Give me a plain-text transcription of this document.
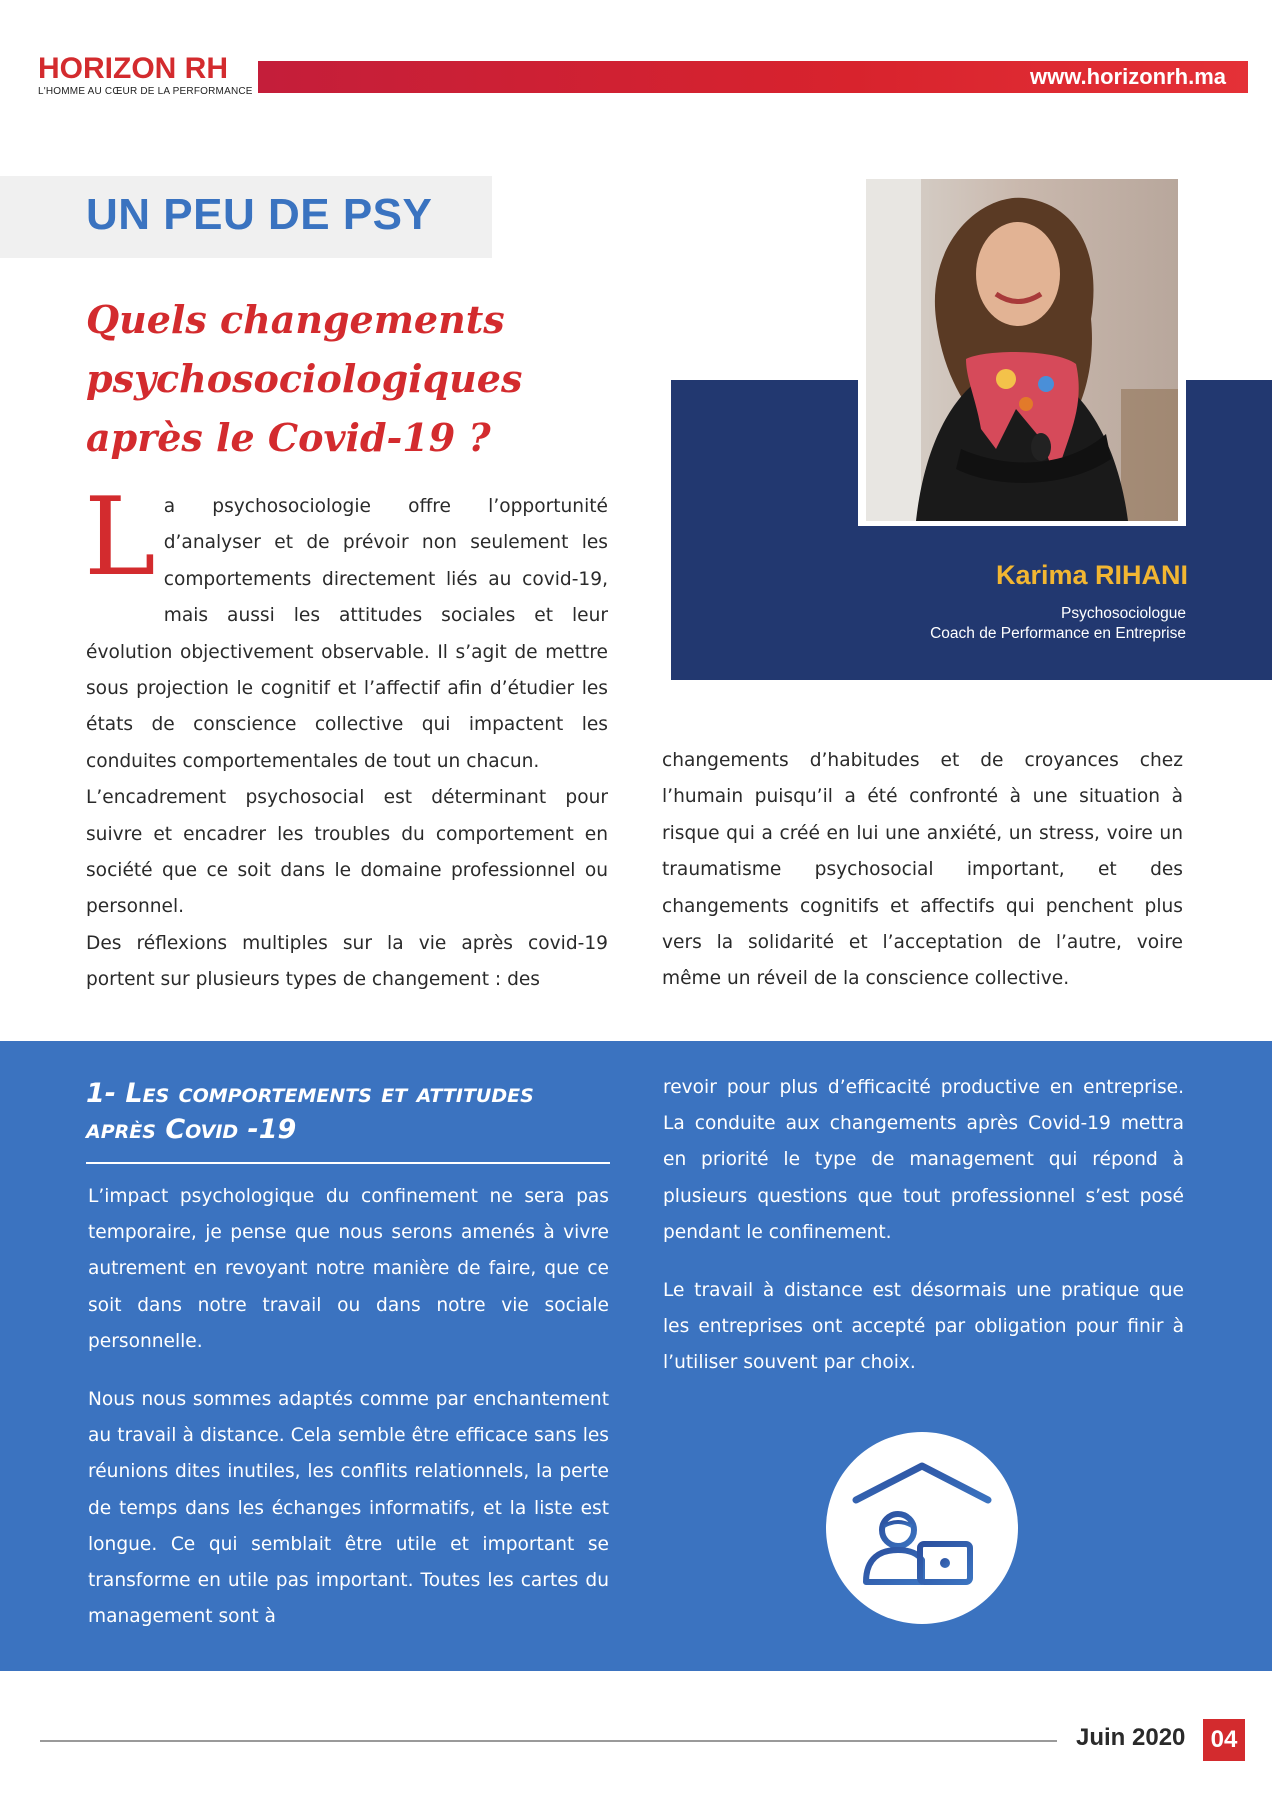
HORIZON RH
L'HOMME AU CŒUR DE LA PERFORMANCE
www.horizonrh.ma
UN PEU DE PSY
Quels changements psychosociologiques après le Covid-19 ?
Karima RIHANI
Psychosociologue
Coach de Performance en Entreprise

La psychosociologie offre l’opportunité d’analyser et de prévoir non seulement les comportements directement liés au covid-19, mais aussi les attitudes sociales et leur évolution objectivement observable. Il s’agit de mettre sous projection le cognitif et l’affectif afin d’étudier les états de conscience collective qui impactent les conduites comportementales de tout un chacun.

L’encadrement psychosocial est déterminant pour suivre et encadrer les troubles du comportement en société que ce soit dans le domaine professionnel ou personnel.

Des réflexions multiples sur la vie après covid-19 portent sur plusieurs types de changement : des

changements d’habitudes et de croyances chez l’humain puisqu’il a été confronté à une situation à risque qui a créé en lui une anxiété, un stress, voire un traumatisme psychosocial important, et des changements cognitifs et affectifs qui penchent plus vers la solidarité et l’acceptation de l’autre, voire même un réveil de la conscience collective.

1- Les comportements et attitudes après Covid -19

L’impact psychologique du confinement ne sera pas temporaire, je pense que nous serons amenés à vivre autrement en revoyant notre manière de faire, que ce soit dans notre travail ou dans notre vie sociale personnelle.

Nous nous sommes adaptés comme par enchantement au travail à distance. Cela semble être efficace sans les réunions dites inutiles, les conflits relationnels, la perte de temps dans les échanges informatifs, et la liste est longue. Ce qui semblait être utile et important se transforme en utile pas important. Toutes les cartes du management sont à

revoir pour plus d’efficacité productive en entreprise. La conduite aux changements après Covid-19 mettra en priorité le type de management qui répond à plusieurs questions que tout professionnel s’est posé pendant le confinement.

Le travail à distance est désormais une pratique que les entreprises ont accepté par obligation pour finir à l’utiliser souvent par choix.

Juin 2020	04
